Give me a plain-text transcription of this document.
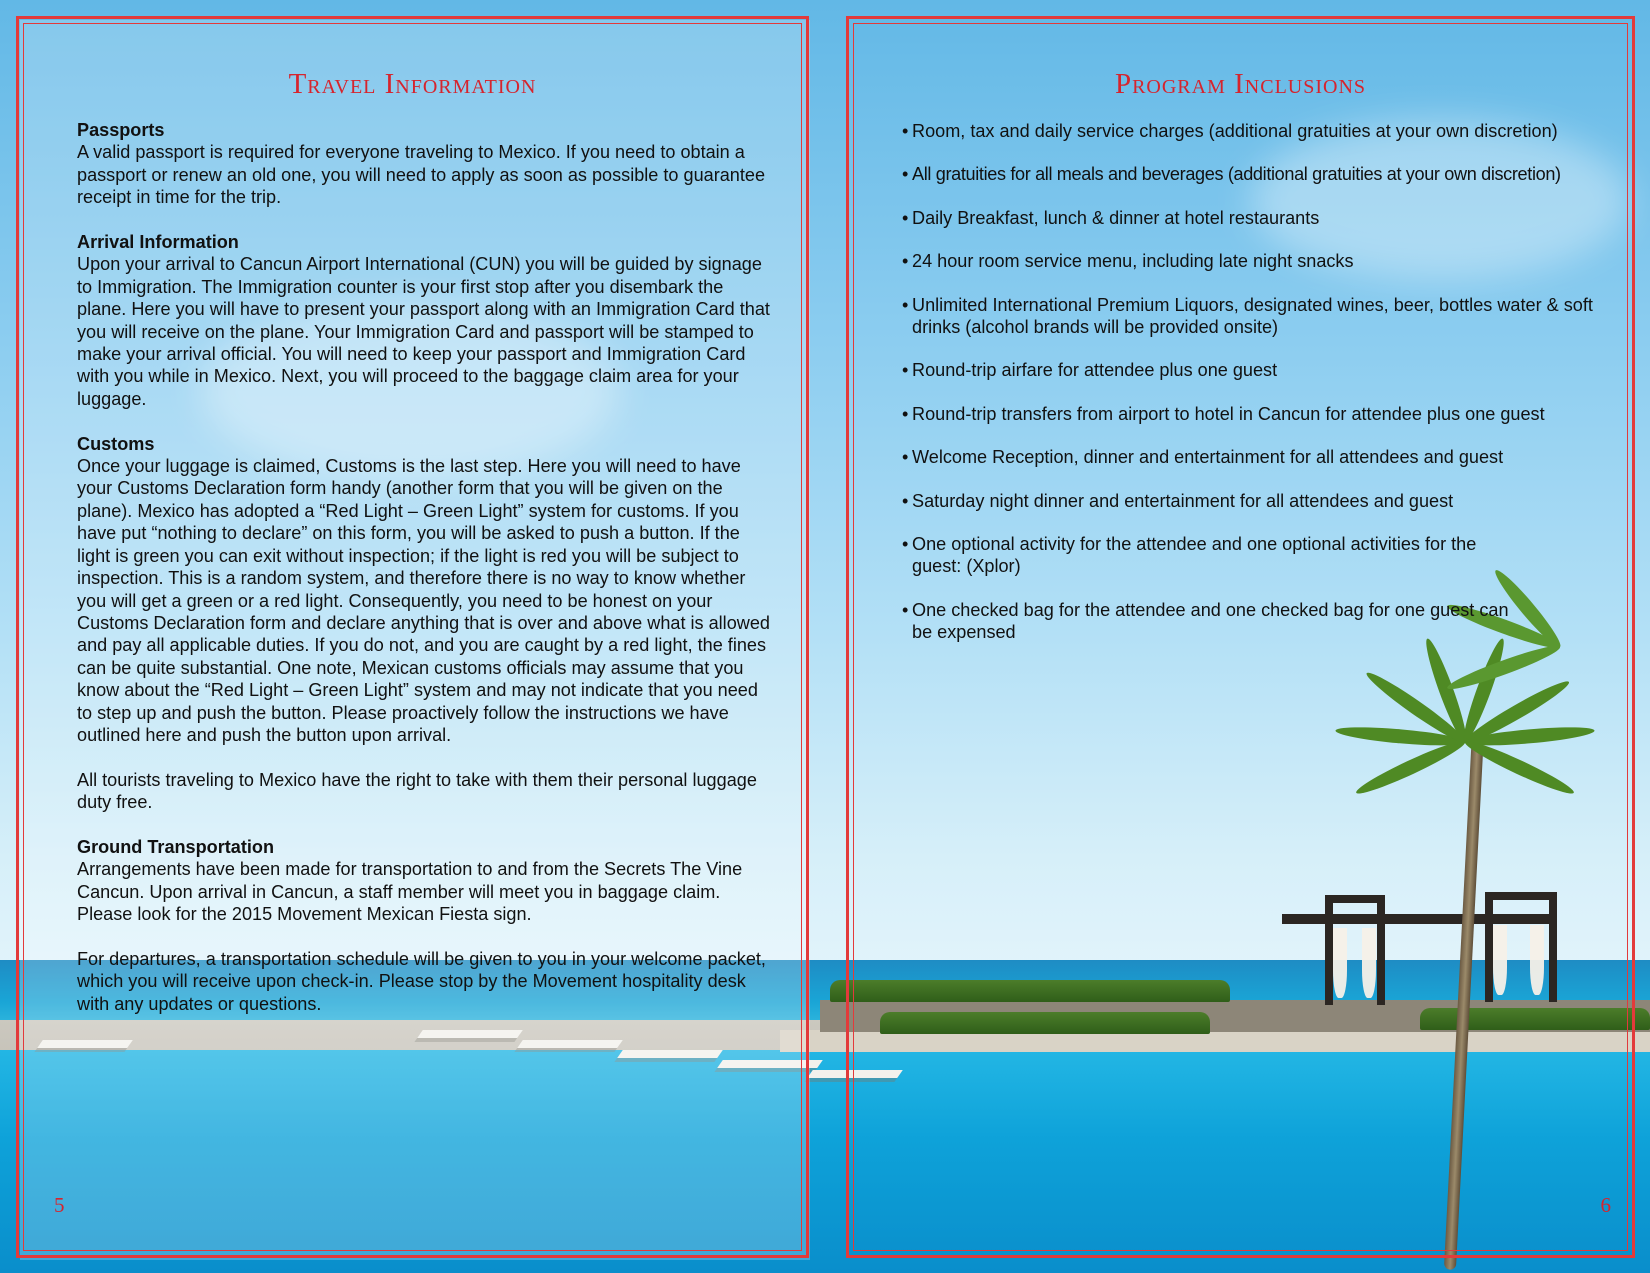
Travel Information
Passports

A valid passport is required for everyone traveling to Mexico. If you need to obtain a passport or renew an old one, you will need to apply as soon as possible to guarantee receipt in time for the trip.

Arrival Information

Upon your arrival to Cancun Airport International (CUN) you will be guided by signage to Immigration. The Immigration counter is your first stop after you disembark the plane. Here you will have to present your passport along with an Immigration Card that you will receive on the plane. Your Immigration Card and passport will be stamped to make your arrival official. You will need to keep your passport and Immigration Card with you while in Mexico. Next, you will proceed to the baggage claim area for your luggage.

Customs

Once your luggage is claimed, Customs is the last step. Here you will need to have your Customs Declaration form handy (another form that you will be given on the plane). Mexico has adopted a “Red Light – Green Light” system for customs. If you have put “nothing to declare” on this form, you will be asked to push a button. If the light is green you can exit without inspection; if the light is red you will be subject to inspection. This is a random system, and therefore there is no way to know whether you will get a green or a red light. Consequently, you need to be honest on your Customs Declaration form and declare anything that is over and above what is allowed and pay all applicable duties. If you do not, and you are caught by a red light, the fines can be quite substantial. One note, Mexican customs officials may assume that you know about the “Red Light – Green Light” system and may not indicate that you need to step up and push the button. Please proactively follow the instructions we have outlined here and push the button upon arrival.

All tourists traveling to Mexico have the right to take with them their personal luggage duty free.

Ground Transportation

Arrangements have been made for transportation to and from the Secrets The Vine Cancun. Upon arrival in Cancun, a staff member will meet you in baggage claim. Please look for the 2015 Movement Mexican Fiesta sign.

For departures, a transportation schedule will be given to you in your welcome packet, which you will receive upon check-in. Please stop by the Movement hospitality desk with any updates or questions.

5
Program Inclusions
• Room, tax and daily service charges (additional gratuities at your own discretion)
• All gratuities for all meals and beverages (additional gratuities at your own discretion)
• Daily Breakfast, lunch & dinner at hotel restaurants
• 24 hour room service menu, including late night snacks
• Unlimited International Premium Liquors, designated wines, beer, bottles water & soft drinks (alcohol brands will be provided onsite)
• Round-trip airfare for attendee plus one guest
• Round-trip transfers from airport to hotel in Cancun for attendee plus one guest
• Welcome Reception, dinner and entertainment for all attendees and guest
• Saturday night dinner and entertainment for all attendees and guest
• One optional activity for the attendee and one optional activities for the guest: (Xplor)
• One checked bag for the attendee and one checked bag for one guest can be expensed
6
